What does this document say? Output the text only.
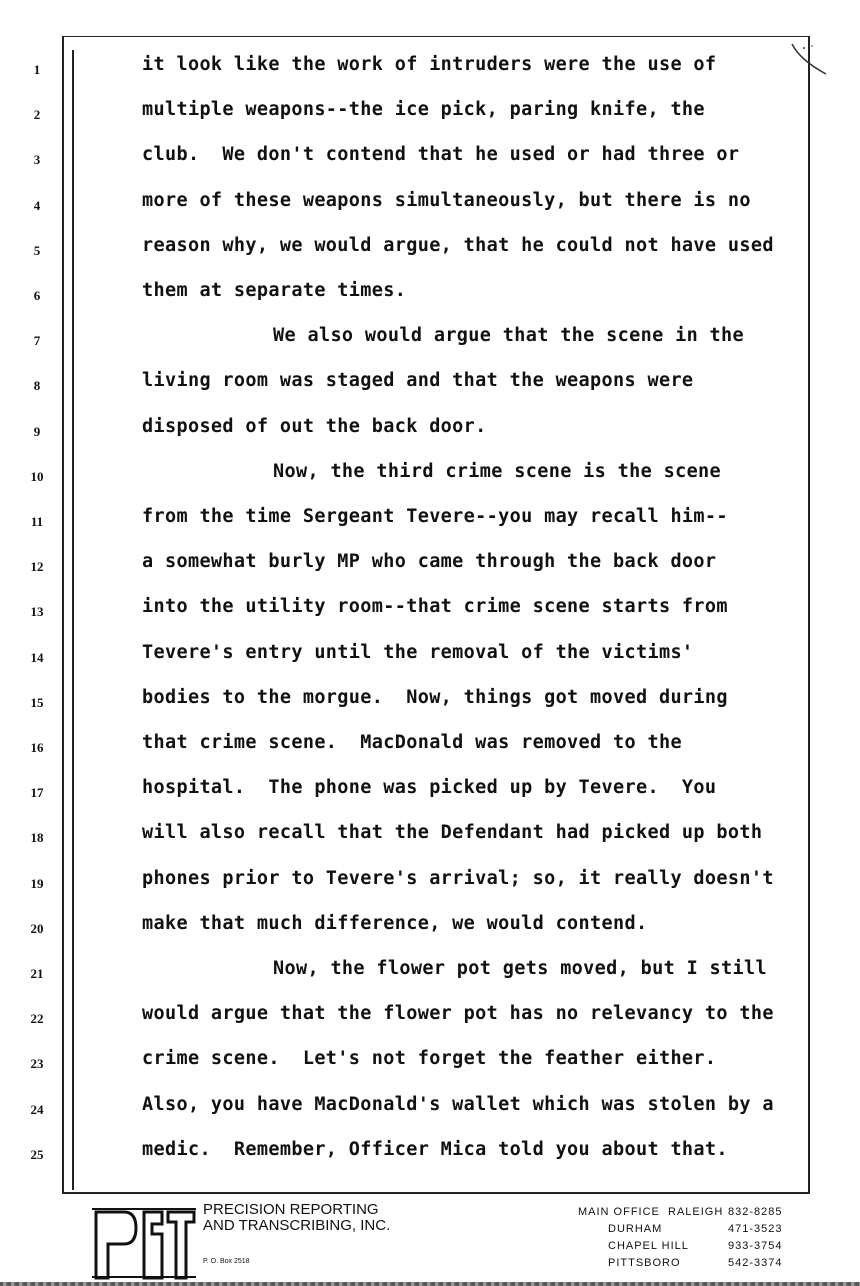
1	it look like the work of intruders were the use of
2	multiple weapons--the ice pick, paring knife, the
3	club.  We don't contend that he used or had three or
4	more of these weapons simultaneously, but there is no
5	reason why, we would argue, that he could not have used
6	them at separate times.
7	We also would argue that the scene in the
8	living room was staged and that the weapons were
9	disposed of out the back door.
10	Now, the third crime scene is the scene
11	from the time Sergeant Tevere--you may recall him--
12	a somewhat burly MP who came through the back door
13	into the utility room--that crime scene starts from
14	Tevere's entry until the removal of the victims'
15	bodies to the morgue.  Now, things got moved during
16	that crime scene.  MacDonald was removed to the
17	hospital.  The phone was picked up by Tevere.  You
18	will also recall that the Defendant had picked up both
19	phones prior to Tevere's arrival; so, it really doesn't
20	make that much difference, we would contend.
21	Now, the flower pot gets moved, but I still
22	would argue that the flower pot has no relevancy to the
23	crime scene.  Let's not forget the feather either.
24	Also, you have MacDonald's wallet which was stolen by a
25	medic.  Remember, Officer Mica told you about that.
PRECISION REPORTING
AND TRANSCRIBING, INC.
P. O. Box 2518
MAIN OFFICE  RALEIGH 832-8285
DURHAM	471-3523
CHAPEL HILL	933-3754
PITTSBORO	542-3374
